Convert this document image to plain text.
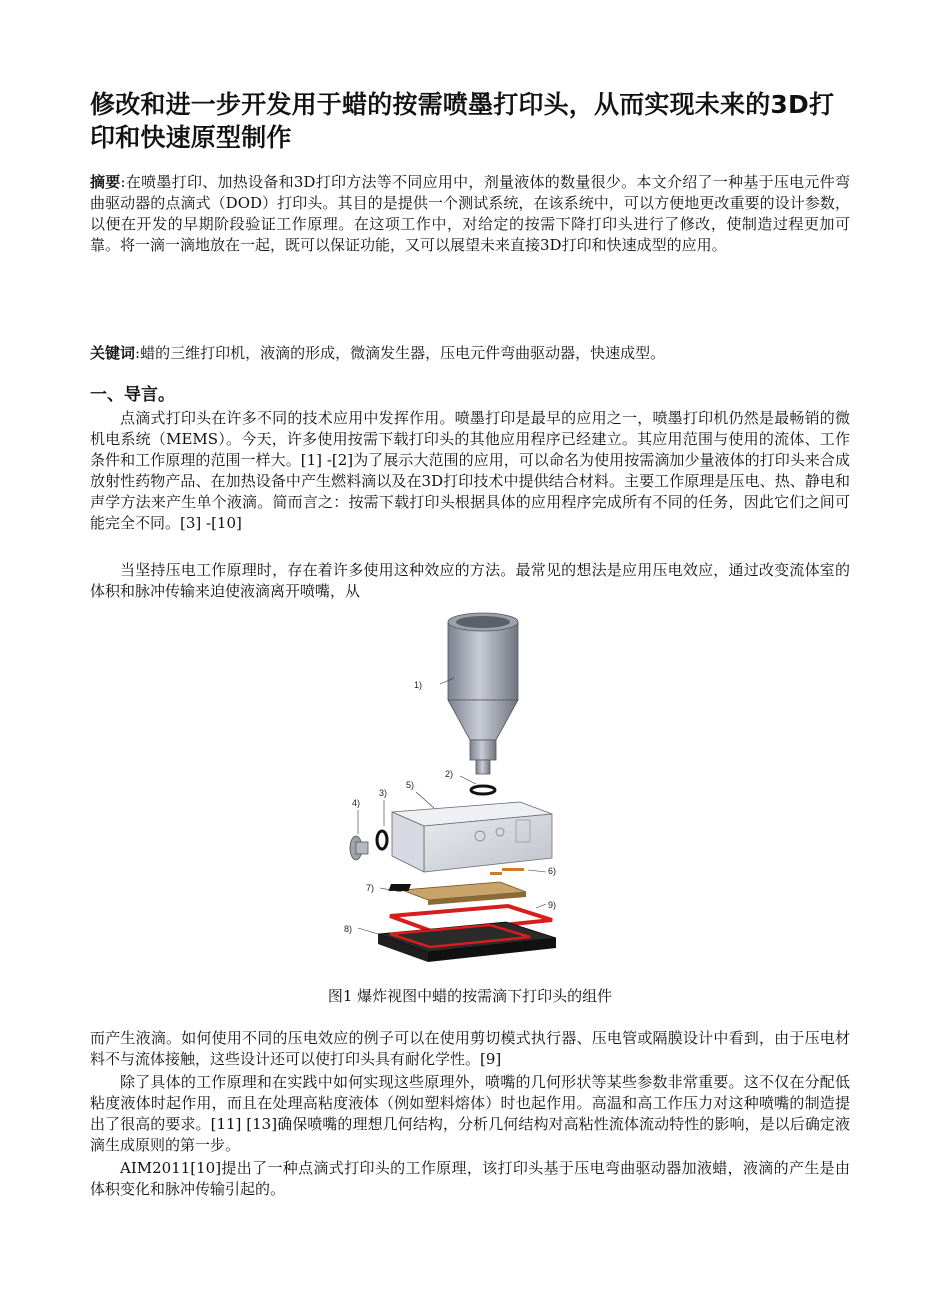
修改和进一步开发用于蜡的按需喷墨打印头，从而实现未来的3D打印和快速原型制作

摘要:在喷墨打印、加热设备和3D打印方法等不同应用中，剂量液体的数量很少。本文介绍了一种基于压电元件弯曲驱动器的点滴式（DOD）打印头。其目的是提供一个测试系统，在该系统中，可以方便地更改重要的设计参数，以便在开发的早期阶段验证工作原理。在这项工作中，对给定的按需下降打印头进行了修改，使制造过程更加可靠。将一滴一滴地放在一起，既可以保证功能，又可以展望未来直接3D打印和快速成型的应用。

关键词:蜡的三维打印机，液滴的形成，微滴发生器，压电元件弯曲驱动器，快速成型。

一、导言。

点滴式打印头在许多不同的技术应用中发挥作用。喷墨打印是最早的应用之一，喷墨打印机仍然是最畅销的微机电系统（MEMS）。今天，许多使用按需下载打印头的其他应用程序已经建立。其应用范围与使用的流体、工作条件和工作原理的范围一样大。[1] -[2]为了展示大范围的应用，可以命名为使用按需滴加少量液体的打印头来合成放射性药物产品、在加热设备中产生燃料滴以及在3D打印技术中提供结合材料。主要工作原理是压电、热、静电和声学方法来产生单个液滴。简而言之：按需下载打印头根据具体的应用程序完成所有不同的任务，因此它们之间可能完全不同。[3] -[10]

当坚持压电工作原理时，存在着许多使用这种效应的方法。最常见的想法是应用压电效应，通过改变流体室的体积和脉冲传输来迫使液滴离开喷嘴，从

1)
2)
5)
3)
4)
6)
7)
9)
8)

图1 爆炸视图中蜡的按需滴下打印头的组件

而产生液滴。如何使用不同的压电效应的例子可以在使用剪切模式执行器、压电管或隔膜设计中看到，由于压电材料不与流体接触，这些设计还可以使打印头具有耐化学性。[9]

除了具体的工作原理和在实践中如何实现这些原理外，喷嘴的几何形状等某些参数非常重要。这不仅在分配低粘度液体时起作用，而且在处理高粘度液体（例如塑料熔体）时也起作用。高温和高工作压力对这种喷嘴的制造提出了很高的要求。[11] [13]确保喷嘴的理想几何结构，分析几何结构对高粘性流体流动特性的影响，是以后确定液滴生成原则的第一步。

AIM2011[10]提出了一种点滴式打印头的工作原理，该打印头基于压电弯曲驱动器加液蜡，液滴的产生是由体积变化和脉冲传输引起的。
